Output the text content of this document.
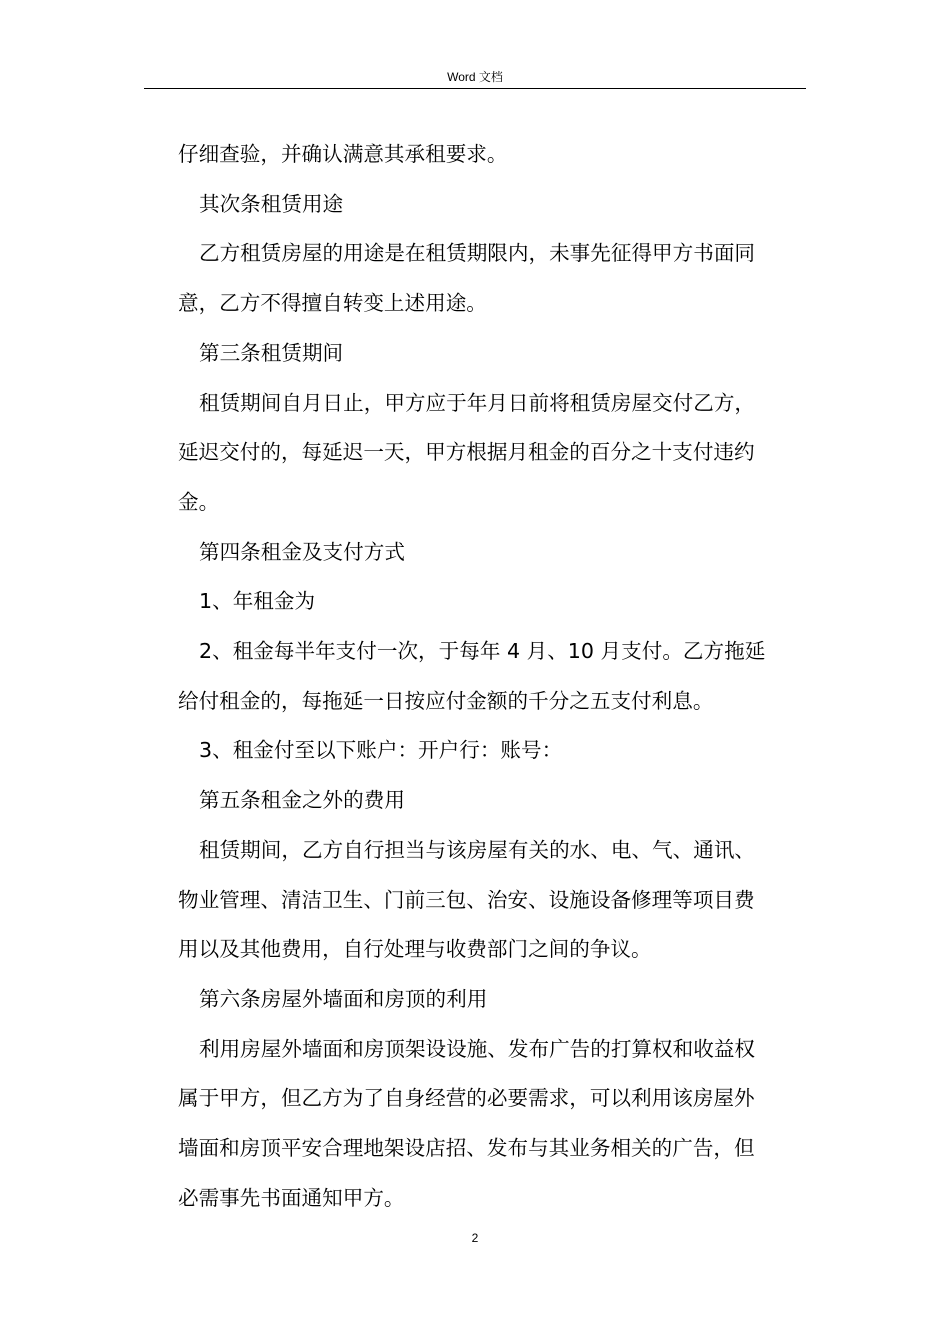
Word 文档

仔细查验，并确认满意其承租要求。

其次条租赁用途

乙方租赁房屋的用途是在租赁期限内，未事先征得甲方书面同

意，乙方不得擅自转变上述用途。

第三条租赁期间

租赁期间自月日止，甲方应于年月日前将租赁房屋交付乙方，

延迟交付的，每延迟一天，甲方根据月租金的百分之十支付违约

金。

第四条租金及支付方式

1、年租金为

2、租金每半年支付一次，于每年 4 月、10 月支付。乙方拖延

给付租金的，每拖延一日按应付金额的千分之五支付利息。

3、租金付至以下账户：开户行：账号：

第五条租金之外的费用

租赁期间，乙方自行担当与该房屋有关的水、电、气、通讯、

物业管理、清洁卫生、门前三包、治安、设施设备修理等项目费

用以及其他费用，自行处理与收费部门之间的争议。

第六条房屋外墙面和房顶的利用

利用房屋外墙面和房顶架设设施、发布广告的打算权和收益权

属于甲方，但乙方为了自身经营的必要需求，可以利用该房屋外

墙面和房顶平安合理地架设店招、发布与其业务相关的广告，但

必需事先书面通知甲方。

2
